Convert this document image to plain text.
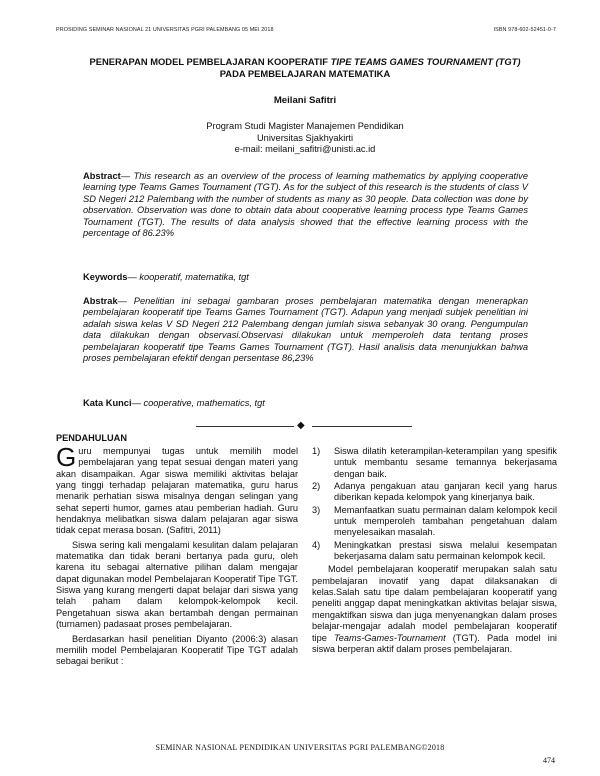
PROSIDING SEMINAR NASIONAL 21 UNIVERSITAS PGRI PALEMBANG 05 MEI 2018	ISBN 978-602-52451-0-7
PENERAPAN MODEL PEMBELAJARAN KOOPERATIF TIPE TEAMS GAMES TOURNAMENT (TGT)
PADA PEMBELAJARAN MATEMATIKA
Meilani Safitri
Program Studi Magister Manajemen Pendidikan
Universitas Sjakhyakirti
e-mail: meilani_safitri@unisti.ac.id
Abstract— This research as an overview of the process of learning mathematics by applying cooperative learning type Teams Games Tournament (TGT). As for the subject of this research is the students of class V SD Negeri 212 Palembang with the number of students as many as 30 people. Data collection was done by observation. Observation was done to obtain data about cooperative learning process type Teams Games Tournament (TGT). The results of data analysis showed that the effective learning process with the percentage of 86.23%
Keywords— kooperatif, matematika, tgt
Abstrak— Penelitian ini sebagai gambaran proses pembelajaran matematika dengan menerapkan pembelajaran kooperatif tipe Teams Games Tournament (TGT). Adapun yang menjadi subjek penelitian ini adalah siswa kelas V SD Negeri 212 Palembang dengan jumlah siswa sebanyak 30 orang. Pengumpulan data dilakukan dengan observasi.Observasi dilakukan untuk memperoleh data tentang proses pembelajaran kooperatif tipe Teams Games Tournament (TGT). Hasil analisis data menunjukkan bahwa proses pembelajaran efektif dengan persentase 86,23%
Kata Kunci— cooperative, mathematics, tgt
◆
PENDAHULUAN

Guru mempunyai tugas untuk memilih model pembelajaran yang tepat sesuai dengan materi yang akan disampaikan. Agar siswa memiliki aktivitas belajar yang tinggi terhadap pelajaran matematika, guru harus menarik perhatian siswa misalnya dengan selingan yang sehat seperti humor, games atau pemberian hadiah. Guru hendaknya melibatkan siswa dalam pelajaran agar siswa tidak cepat merasa bosan. (Safitri, 2011)

Siswa sering kali mengalami kesulitan dalam pelajaran matematika dan tidak berani bertanya pada guru, oleh karena itu sebagai alternative pilihan dalam mengajar dapat digunakan model Pembelajaran Kooperatif Tipe TGT. Siswa yang kurang mengerti dapat belajar dari siswa yang telah paham dalam kelompok-kelompok kecil. Pengetahuan siswa akan bertambah dengan permainan (turnamen) padasaat proses pembelajaran.

Berdasarkan hasil penelitian Diyanto (2006:3) alasan memilih model Pembelajaran Kooperatif Tipe TGT adalah sebagai berikut :

1) Siswa dilatih keterampilan-keterampilan yang spesifik untuk membantu sesame temannya bekerjasama dengan baik.
2) Adanya pengakuan atau ganjaran kecil yang harus diberikan kepada kelompok yang kinerjanya baik.
3) Memanfaatkan suatu permainan dalam kelompok kecil untuk memperoleh tambahan pengetahuan dalam menyelesaikan masalah.
4) Meningkatkan prestasi siswa melalui kesempatan bekerjasama dalam satu permainan kelompok kecil.

Model pembelajaran kooperatif merupakan salah satu pembelajaran inovatif yang dapat dilaksanakan di kelas.Salah satu tipe dalam pembelajaran kooperatif yang peneliti anggap dapat meningkatkan aktivitas belajar siswa, mengaktifkan siswa dan juga menyenangkan dalam proses belajar-mengajar adalah model pembelajaran kooperatif tipe Teams-Games-Tournament (TGT). Pada model ini siswa berperan aktif dalam proses pembelajaran.

SEMINAR NASIONAL PENDIDIKAN UNIVERSITAS PGRI PALEMBANG©2018
474
